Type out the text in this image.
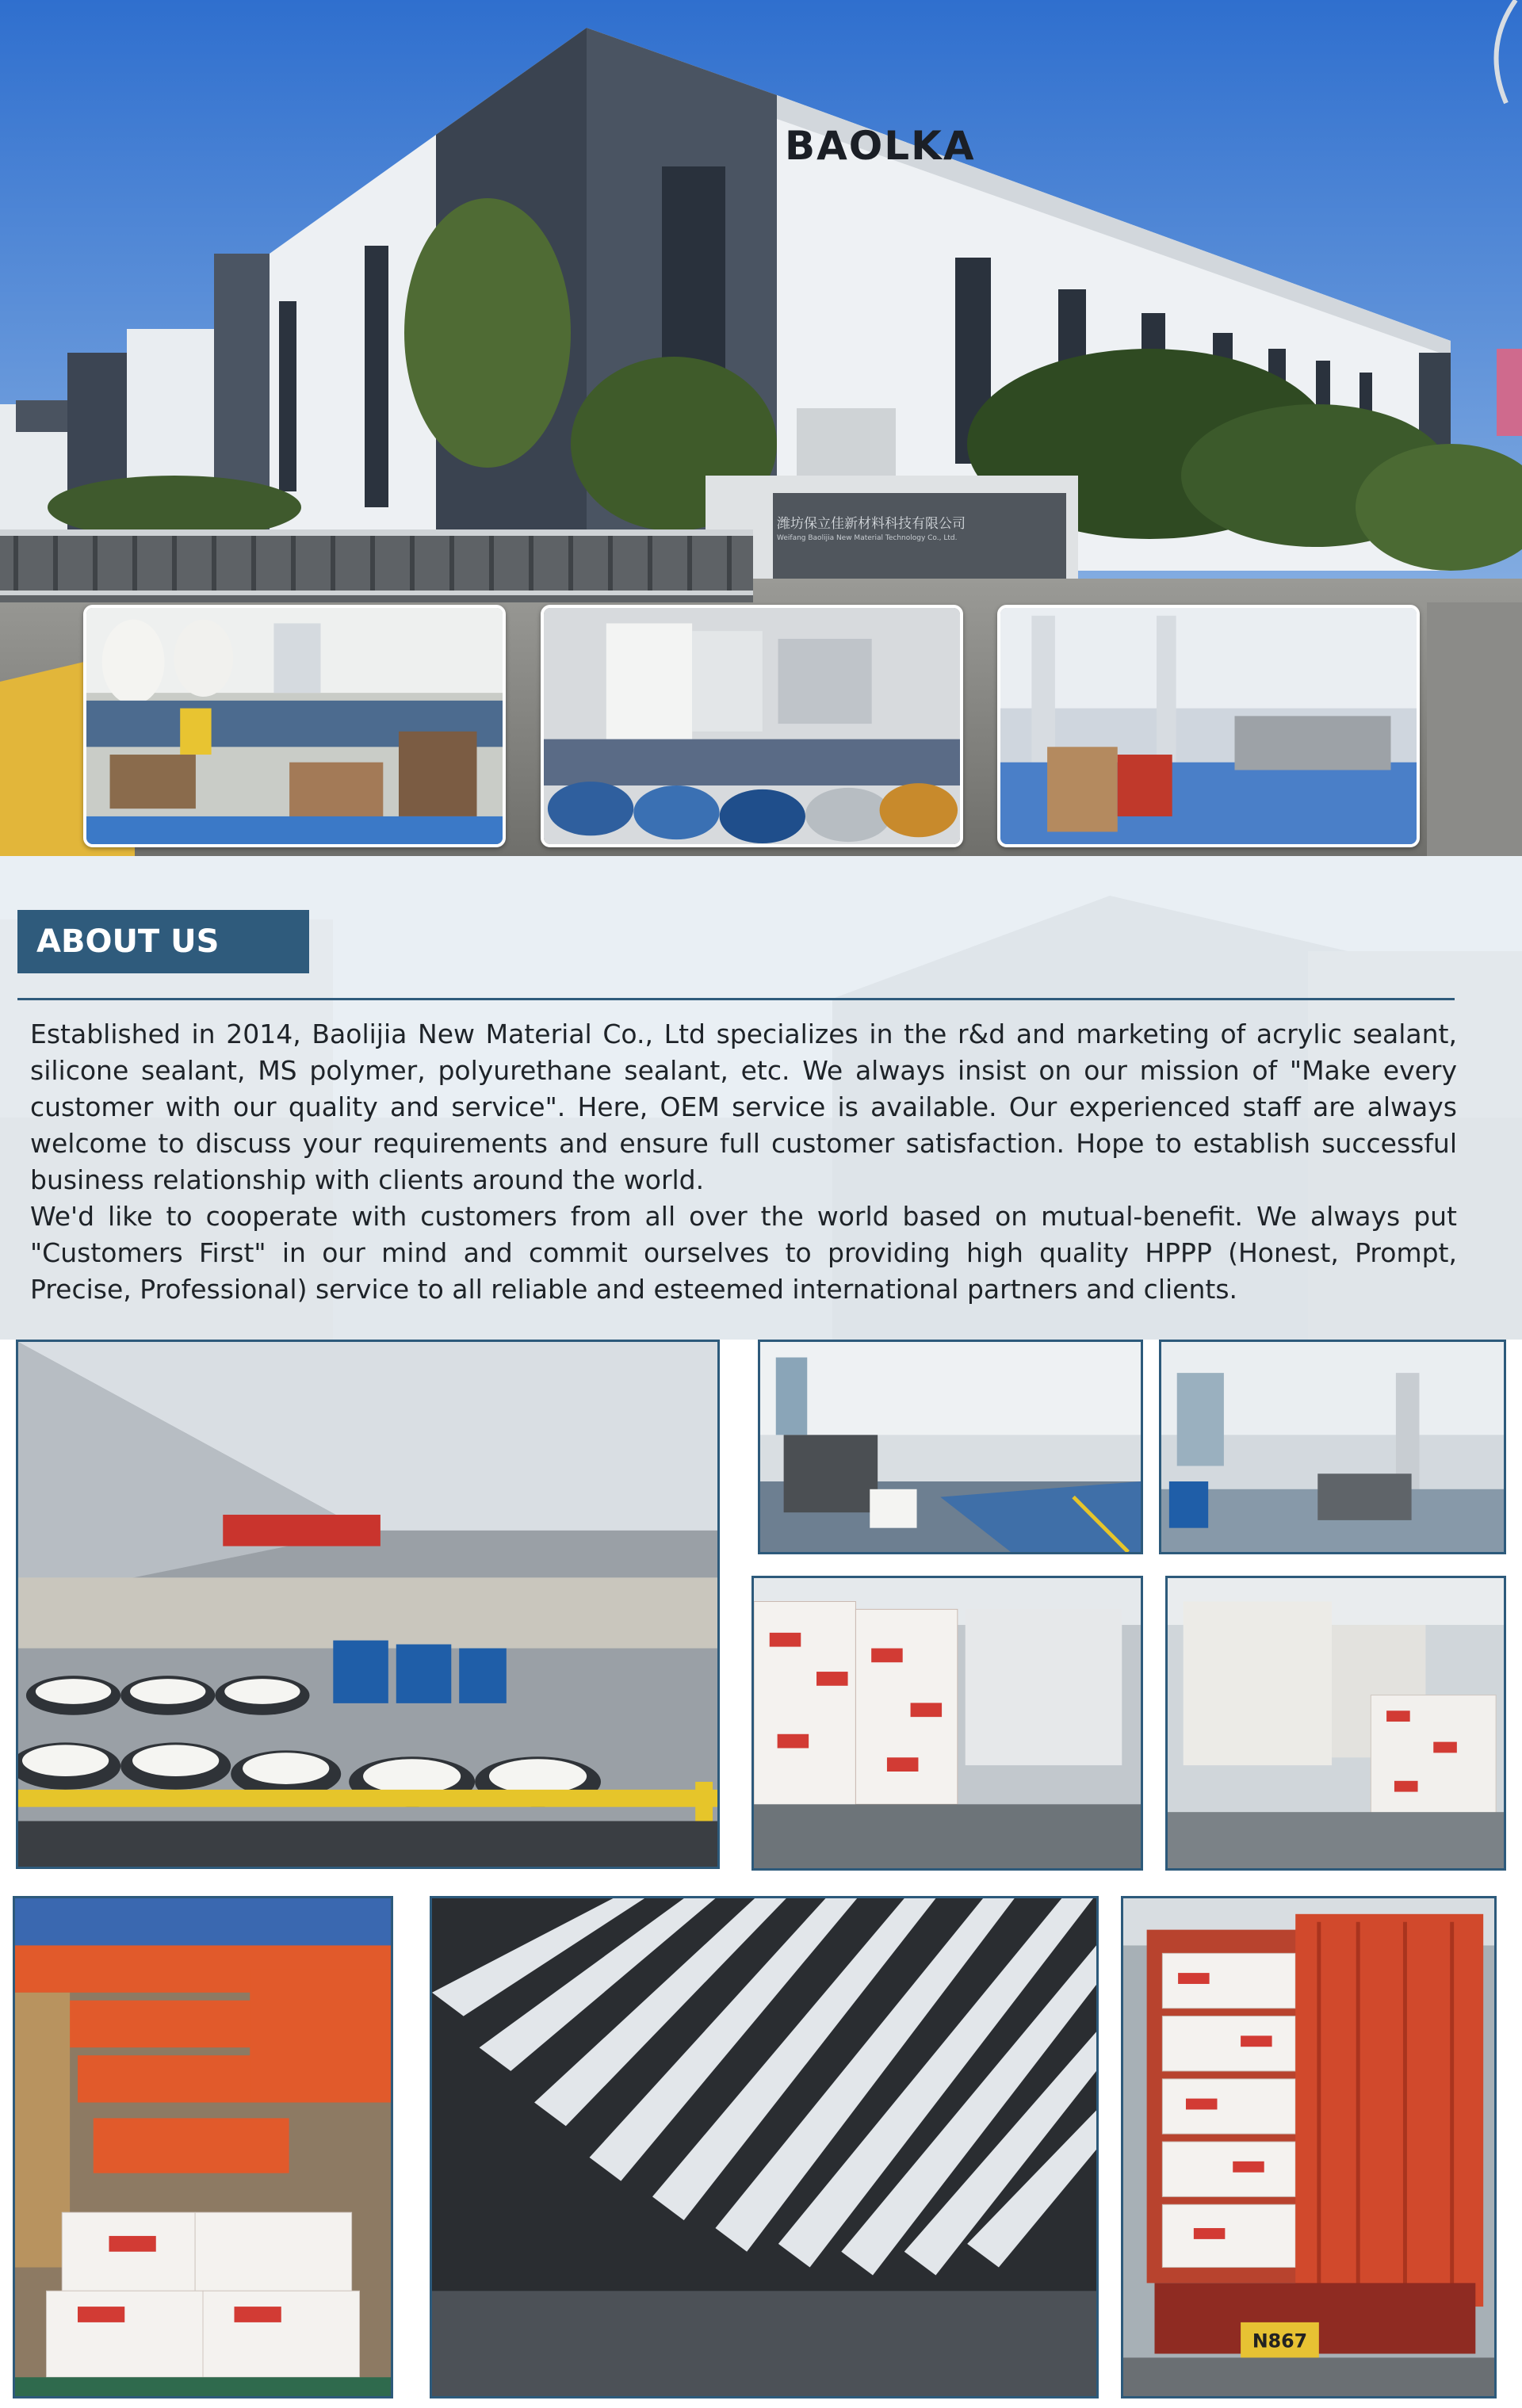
BAOLKA
潍坊保立佳新材料科技有限公司
Weifang Baolijia New Material Technology Co., Ltd.
ABOUT US

Established in 2014, Baolijia New Material Co., Ltd specializes in the r&d and marketing of acrylic sealant, silicone sealant, MS polymer, polyurethane sealant, etc. We always insist on our mission of "Make every customer with our quality and service". Here, OEM service is available. Our experienced staff are always welcome to discuss your requirements and ensure full customer satisfaction. Hope to establish successful business relationship with clients around the world.

We'd like to cooperate with customers from all over the world based on mutual-benefit. We always put "Customers First" in our mind and commit ourselves to providing high quality HPPP (Honest, Prompt, Precise, Professional) service to all reliable and esteemed international partners and clients.

N867
